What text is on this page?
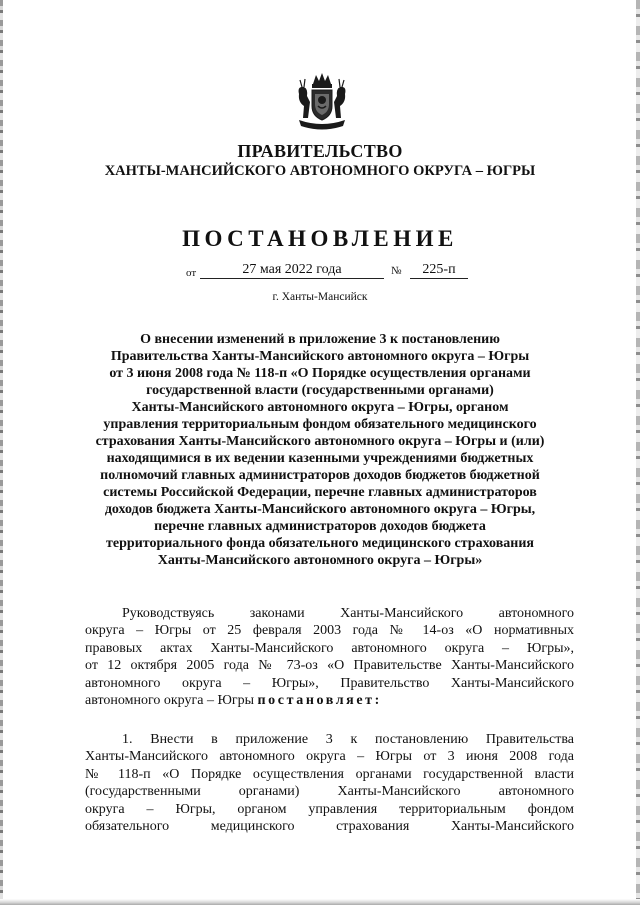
ПРАВИТЕЛЬСТВО
ХАНТЫ-МАНСИЙСКОГО АВТОНОМНОГО ОКРУГА – ЮГРЫ
ПОСТАНОВЛЕНИЕ
от	27 мая 2022 года	№	225-п
г. Ханты-Мансийск
О внесении изменений в приложение 3 к постановлению
Правительства Ханты-Мансийского автономного округа – Югры
от 3 июня 2008 года № 118-п «О Порядке осуществления органами
государственной власти (государственными органами)
Ханты-Мансийского автономного округа – Югры, органом
управления территориальным фондом обязательного медицинского
страхования Ханты-Мансийского автономного округа – Югры и (или)
находящимися в их ведении казенными учреждениями бюджетных
полномочий главных администраторов доходов бюджетов бюджетной
системы Российской Федерации, перечне главных администраторов
доходов бюджета Ханты-Мансийского автономного округа – Югры,
перечне главных администраторов доходов бюджета
территориального фонда обязательного медицинского страхования
Ханты-Мансийского автономного округа – Югры»
Руководствуясь законами Ханты-Мансийского автономного
округа – Югры от 25 февраля 2003 года № 14-оз «О нормативных
правовых актах Ханты-Мансийского автономного округа – Югры»,
от 12 октября 2005 года № 73-оз «О Правительстве Ханты-Мансийского
автономного округа – Югры», Правительство Ханты-Мансийского
автономного округа – Югры постановляет:
1. Внести в приложение 3 к постановлению Правительства
Ханты-Мансийского автономного округа – Югры от 3 июня 2008 года
№ 118-п «О Порядке осуществления органами государственной власти
(государственными органами) Ханты-Мансийского автономного
округа – Югры, органом управления территориальным фондом
обязательного медицинского страхования Ханты-Мансийского
